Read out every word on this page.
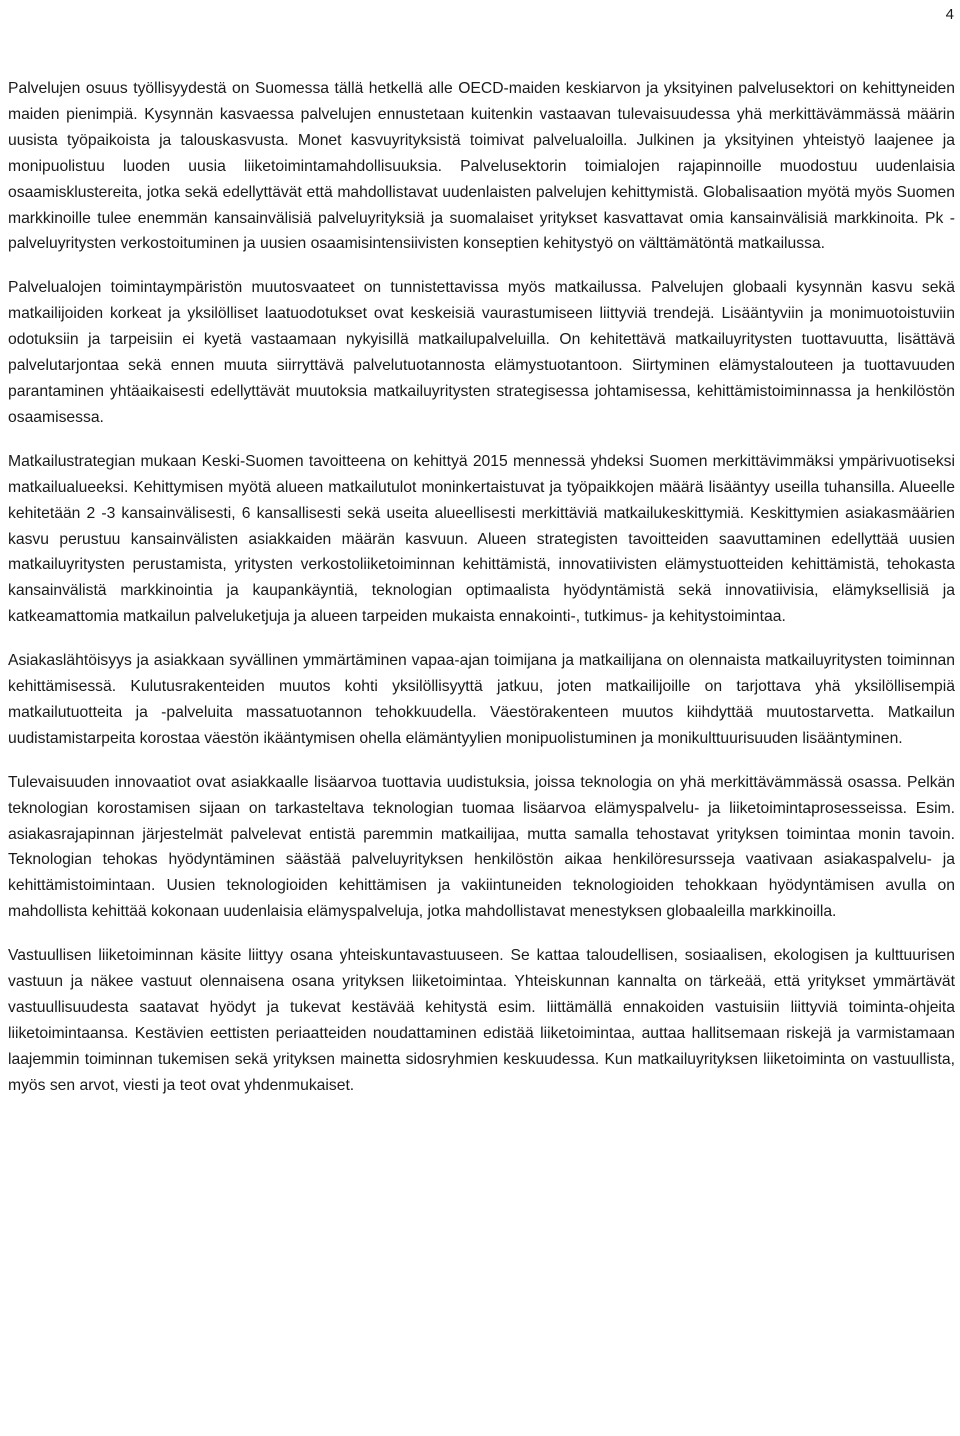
4

Palvelujen osuus työllisyydestä on Suomessa tällä hetkellä alle OECD-maiden keskiarvon ja yksityinen palvelusektori on kehittyneiden maiden pienimpiä. Kysynnän kasvaessa palvelujen ennustetaan kuitenkin vastaavan tulevaisuudessa yhä merkittävämmässä määrin uusista työpaikoista ja talouskasvusta. Monet kasvuyrityksistä toimivat palvelualoilla. Julkinen ja yksityinen yhteistyö laajenee ja monipuolistuu luoden uusia liiketoimintamahdollisuuksia. Palvelusektorin toimialojen rajapinnoille muodostuu uudenlaisia osaamisklustereita, jotka sekä edellyttävät että mahdollistavat uudenlaisten palvelujen kehittymistä. Globalisaation myötä myös Suomen markkinoille tulee enemmän kansainvälisiä palveluyrityksiä ja suomalaiset yritykset kasvattavat omia kansainvälisiä markkinoita. Pk -palveluyritysten verkostoituminen ja uusien osaamisintensiivisten konseptien kehitystyö on välttämätöntä matkailussa.

Palvelualojen toimintaympäristön muutosvaateet on tunnistettavissa myös matkailussa. Palvelujen globaali kysynnän kasvu sekä matkailijoiden korkeat ja yksilölliset laatuodotukset ovat keskeisiä vaurastumiseen liittyviä trendejä. Lisääntyviin ja monimuotoistuviin odotuksiin ja tarpeisiin ei kyetä vastaamaan nykyisillä matkailupalveluilla. On kehitettävä matkailuyritysten tuottavuutta, lisättävä palvelutarjontaa sekä ennen muuta siirryttävä palvelutuotannosta elämystuotantoon. Siirtyminen elämystalouteen ja tuottavuuden parantaminen yhtäaikaisesti edellyttävät muutoksia matkailuyritysten strategisessa johtamisessa, kehittämistoiminnassa ja henkilöstön osaamisessa.

Matkailustrategian mukaan Keski-Suomen tavoitteena on kehittyä 2015 mennessä yhdeksi Suomen merkittävimmäksi ympärivuotiseksi matkailualueeksi. Kehittymisen myötä alueen matkailutulot moninkertaistuvat ja työpaikkojen määrä lisääntyy useilla tuhansilla. Alueelle kehitetään 2 -3 kansainvälisesti, 6 kansallisesti sekä useita alueellisesti merkittäviä matkailukeskittymiä. Keskittymien asiakasmäärien kasvu perustuu kansainvälisten asiakkaiden määrän kasvuun. Alueen strategisten tavoitteiden saavuttaminen edellyttää uusien matkailuyritysten perustamista, yritysten verkostoliiketoiminnan kehittämistä, innovatiivisten elämystuotteiden kehittämistä, tehokasta kansainvälistä markkinointia ja kaupankäyntiä, teknologian optimaalista hyödyntämistä sekä innovatiivisia, elämyksellisiä ja katkeamattomia matkailun palveluketjuja ja alueen tarpeiden mukaista ennakointi-, tutkimus- ja kehitystoimintaa.

Asiakaslähtöisyys ja asiakkaan syvällinen ymmärtäminen vapaa-ajan toimijana ja matkailijana on olennaista matkailuyritysten toiminnan kehittämisessä. Kulutusrakenteiden muutos kohti yksilöllisyyttä jatkuu, joten matkailijoille on tarjottava yhä yksilöllisempiä matkailutuotteita ja -palveluita massatuotannon tehokkuudella. Väestörakenteen muutos kiihdyttää muutostarvetta. Matkailun uudistamistarpeita korostaa väestön ikääntymisen ohella elämäntyylien monipuolistuminen ja monikulttuurisuuden lisääntyminen.

Tulevaisuuden innovaatiot ovat asiakkaalle lisäarvoa tuottavia uudistuksia, joissa teknologia on yhä merkittävämmässä osassa. Pelkän teknologian korostamisen sijaan on tarkasteltava teknologian tuomaa lisäarvoa elämyspalvelu- ja liiketoimintaprosesseissa. Esim. asiakasrajapinnan järjestelmät palvelevat entistä paremmin matkailijaa, mutta samalla tehostavat yrityksen toimintaa monin tavoin. Teknologian tehokas hyödyntäminen säästää palveluyrityksen henkilöstön aikaa henkilöresursseja vaativaan asiakaspalvelu- ja kehittämistoimintaan. Uusien teknologioiden kehittämisen ja vakiintuneiden teknologioiden tehokkaan hyödyntämisen avulla on mahdollista kehittää kokonaan uudenlaisia elämyspalveluja, jotka mahdollistavat menestyksen globaaleilla markkinoilla.

Vastuullisen liiketoiminnan käsite liittyy osana yhteiskuntavastuuseen. Se kattaa taloudellisen, sosiaalisen, ekologisen ja kulttuurisen vastuun ja näkee vastuut olennaisena osana yrityksen liiketoimintaa. Yhteiskunnan kannalta on tärkeää, että yritykset ymmärtävät vastuullisuudesta saatavat hyödyt ja tukevat kestävää kehitystä esim. liittämällä ennakoiden vastuisiin liittyviä toiminta-ohjeita liiketoimintaansa. Kestävien eettisten periaatteiden noudattaminen edistää liiketoimintaa, auttaa hallitsemaan riskejä ja varmistamaan laajemmin toiminnan tukemisen sekä yrityksen mainetta sidosryhmien keskuudessa. Kun matkailuyrityksen liiketoiminta on vastuullista, myös sen arvot, viesti ja teot ovat yhdenmukaiset.
